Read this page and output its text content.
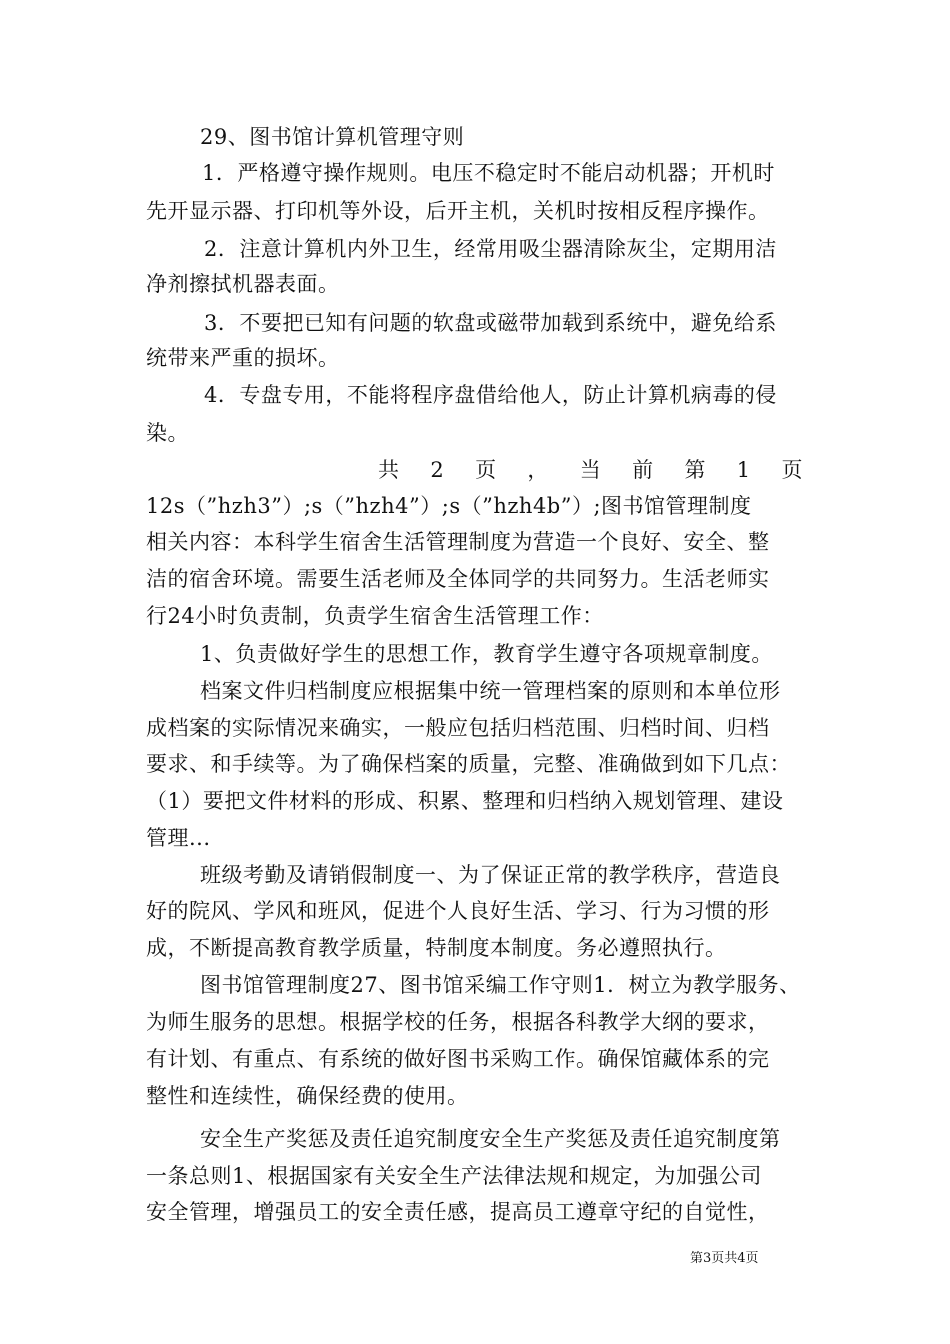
29、图书馆计算机管理守则
1．严格遵守操作规则。电压不稳定时不能启动机器；开机时
先开显示器、打印机等外设，后开主机，关机时按相反程序操作。
2．注意计算机内外卫生，经常用吸尘器清除灰尘，定期用洁
净剂擦拭机器表面。
3．不要把已知有问题的软盘或磁带加载到系统中，避免给系
统带来严重的损坏。
4．专盘专用，不能将程序盘借给他人，防止计算机病毒的侵
染。
共 2 页 ， 当 前 第 1 页
12s（”hzh3”）;s（”hzh4”）;s（”hzh4b”）;图书馆管理制度
相关内容：本科学生宿舍生活管理制度为营造一个良好、安全、整
洁的宿舍环境。需要生活老师及全体同学的共同努力。生活老师实
行24小时负责制，负责学生宿舍生活管理工作：
1、负责做好学生的思想工作，教育学生遵守各项规章制度。
档案文件归档制度应根据集中统一管理档案的原则和本单位形
成档案的实际情况来确实，一般应包括归档范围、归档时间、归档
要求、和手续等。为了确保档案的质量，完整、准确做到如下几点：
（1）要把文件材料的形成、积累、整理和归档纳入规划管理、建设
管理...
班级考勤及请销假制度一、为了保证正常的教学秩序，营造良
好的院风、学风和班风，促进个人良好生活、学习、行为习惯的形
成，不断提高教育教学质量，特制度本制度。务必遵照执行。
图书馆管理制度27、图书馆采编工作守则1．树立为教学服务、
为师生服务的思想。根据学校的任务，根据各科教学大纲的要求，
有计划、有重点、有系统的做好图书采购工作。确保馆藏体系的完
整性和连续性，确保经费的使用。
安全生产奖惩及责任追究制度安全生产奖惩及责任追究制度第
一条总则1、根据国家有关安全生产法律法规和规定，为加强公司
安全管理，增强员工的安全责任感，提高员工遵章守纪的自觉性，
第3页共4页
